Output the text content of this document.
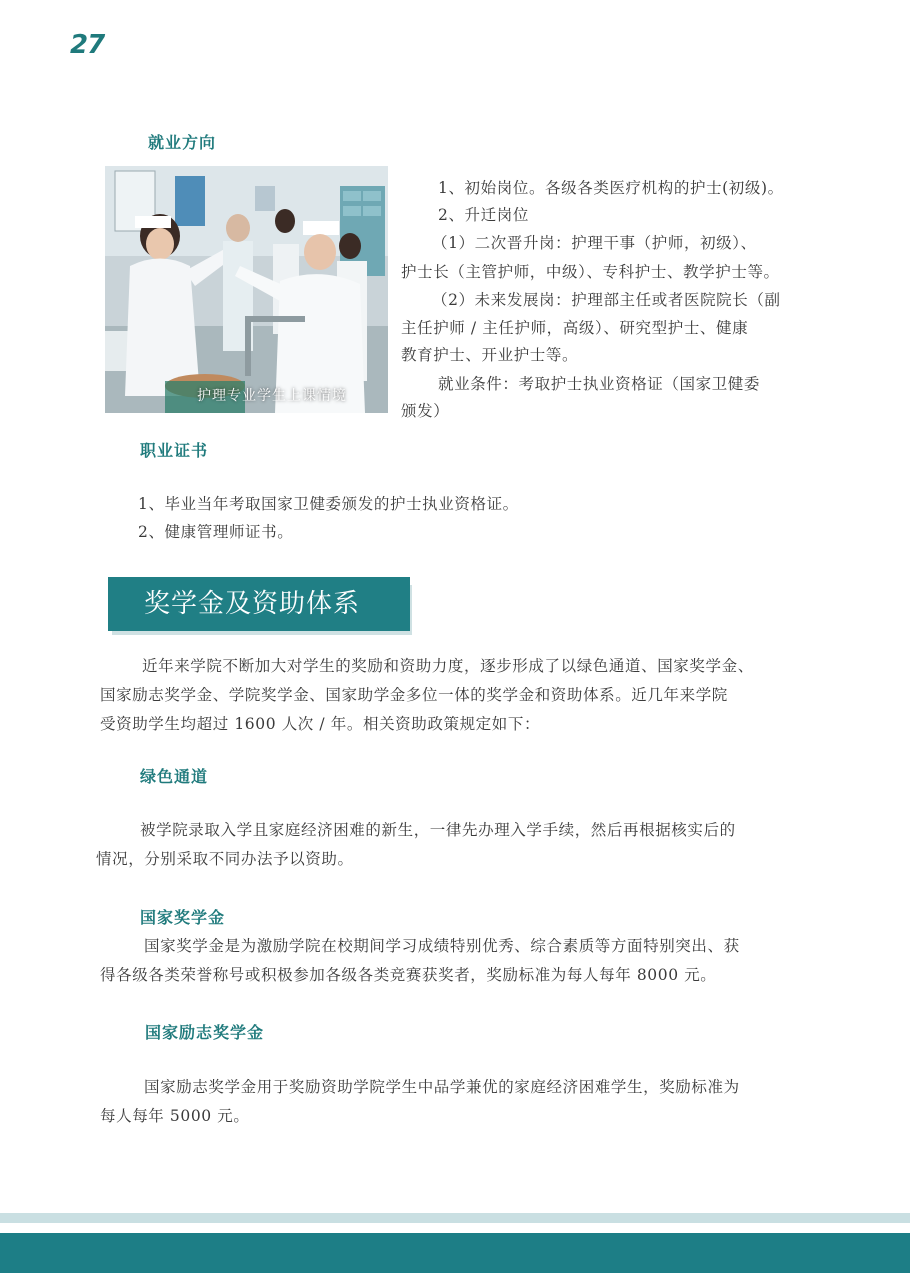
27
就业方向
护理专业学生上课情境
1、初始岗位。各级各类医疗机构的护士(初级)。
2、升迁岗位
（1）二次晋升岗：护理干事（护师，初级）、
护士长（主管护师，中级）、专科护士、教学护士等。
（2）未来发展岗：护理部主任或者医院院长（副
主任护师 / 主任护师，高级）、研究型护士、健康
教育护士、开业护士等。
就业条件：考取护士执业资格证（国家卫健委
颁发）
职业证书
1、毕业当年考取国家卫健委颁发的护士执业资格证。
2、健康管理师证书。
奖学金及资助体系
近年来学院不断加大对学生的奖励和资助力度，逐步形成了以绿色通道、国家奖学金、
国家励志奖学金、学院奖学金、国家助学金多位一体的奖学金和资助体系。近几年来学院
受资助学生均超过 1600 人次 / 年。相关资助政策规定如下：
绿色通道
被学院录取入学且家庭经济困难的新生，一律先办理入学手续，然后再根据核实后的
情况，分别采取不同办法予以资助。
国家奖学金
国家奖学金是为激励学院在校期间学习成绩特别优秀、综合素质等方面特别突出、获
得各级各类荣誉称号或积极参加各级各类竞赛获奖者，奖励标准为每人每年 8000 元。
国家励志奖学金
国家励志奖学金用于奖励资助学院学生中品学兼优的家庭经济困难学生，奖励标准为
每人每年 5000 元。
